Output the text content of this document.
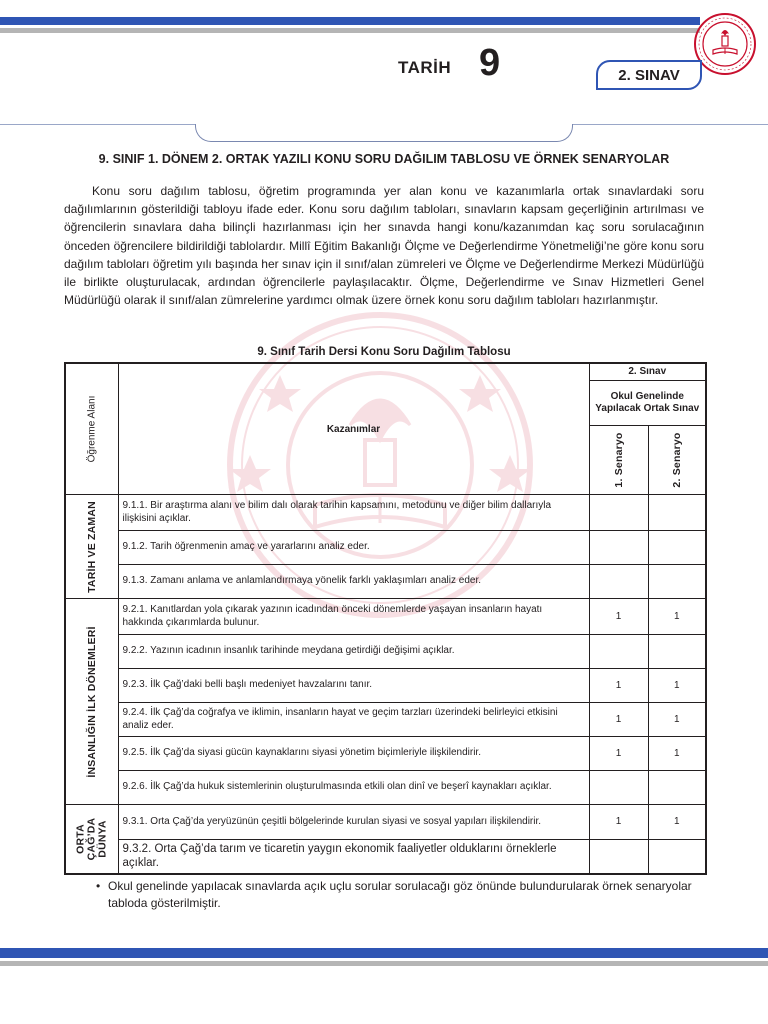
TARİH 9	2. SINAV
9. SINIF 1. DÖNEM 2. ORTAK YAZILI KONU SORU DAĞILIM TABLOSU VE ÖRNEK SENARYOLAR

Konu soru dağılım tablosu, öğretim programında yer alan konu ve kazanımlarla ortak sınavlardaki soru dağılımlarının gösterildiği tabloyu ifade eder. Konu soru dağılım tabloları, sınavların kapsam geçerliğinin artırılması ve öğrencilerin sınavlara daha bilinçli hazırlanması için her sınavda hangi konu/kazanımdan kaç soru sorulacağının önceden öğrencilere bildirildiği tablolardır. Millî Eğitim Bakanlığı Ölçme ve Değerlendirme Yönetmeliği’ne göre konu soru dağılım tabloları öğretim yılı başında her sınav için il sınıf/alan zümreleri ve Ölçme ve Değerlendirme Merkezi Müdürlüğü ile birlikte oluşturulacak, ardından öğrencilerle paylaşılacaktır. Ölçme, Değerlendirme ve Sınav Hizmetleri Genel Müdürlüğü olarak il sınıf/alan zümrelerine yardımcı olmak üzere örnek konu soru dağılım tabloları hazırlanmıştır.

9. Sınıf Tarih Dersi Konu Soru Dağılım Tablosu
Öğrenme Alanı	Kazanımlar	2. Sınav	
		Okul Genelinde Yapılacak Ortak Sınav	

		1. Senaryo	2. Senaryo

TARİH VE ZAMAN	9.1.1. Bir araştırma alanı ve bilim dalı olarak tarihin kapsamını, metodunu ve diğer bilim dallarıyla ilişkisini açıklar.		
	9.1.2. Tarih öğrenmenin amaç ve yararlarını analiz eder.		
	9.1.3. Zamanı anlama ve anlamlandırmaya yönelik farklı yaklaşımları analiz eder.		

İNSANLIĞIN İLK DÖNEMLERİ	9.2.1. Kanıtlardan yola çıkarak yazının icadından önceki dönemlerde yaşayan insanların hayatı hakkında çıkarımlarda bulunur.	1	1
	9.2.2. Yazının icadının insanlık tarihinde meydana getirdiği değişimi açıklar.		
	9.2.3. İlk Çağ’daki belli başlı medeniyet havzalarını tanır.	1	1
	9.2.4. İlk Çağ’da coğrafya ve iklimin, insanların hayat ve geçim tarzları üzerindeki belirleyici etkisini analiz eder.	1	1
	9.2.5. İlk Çağ’da siyasi gücün kaynaklarını siyasi yönetim biçimleriyle ilişkilendirir.	1	1
	9.2.6. İlk Çağ’da hukuk sistemlerinin oluşturulmasında etkili olan dinî ve beşerî kaynakları açıklar.		

ORTA ÇAĞ’DA DÜNYA	9.3.1. Orta Çağ’da yeryüzünün çeşitli bölgelerinde kurulan siyasi ve sosyal yapıları ilişkilendirir.	1	1
	9.3.2. Orta Çağ’da tarım ve ticaretin yaygın ekonomik faaliyetler olduklarını örneklerle açıklar.		
• Okul genelinde yapılacak sınavlarda açık uçlu sorular sorulacağı göz önünde bulundurularak örnek senaryolar tabloda gösterilmiştir.
